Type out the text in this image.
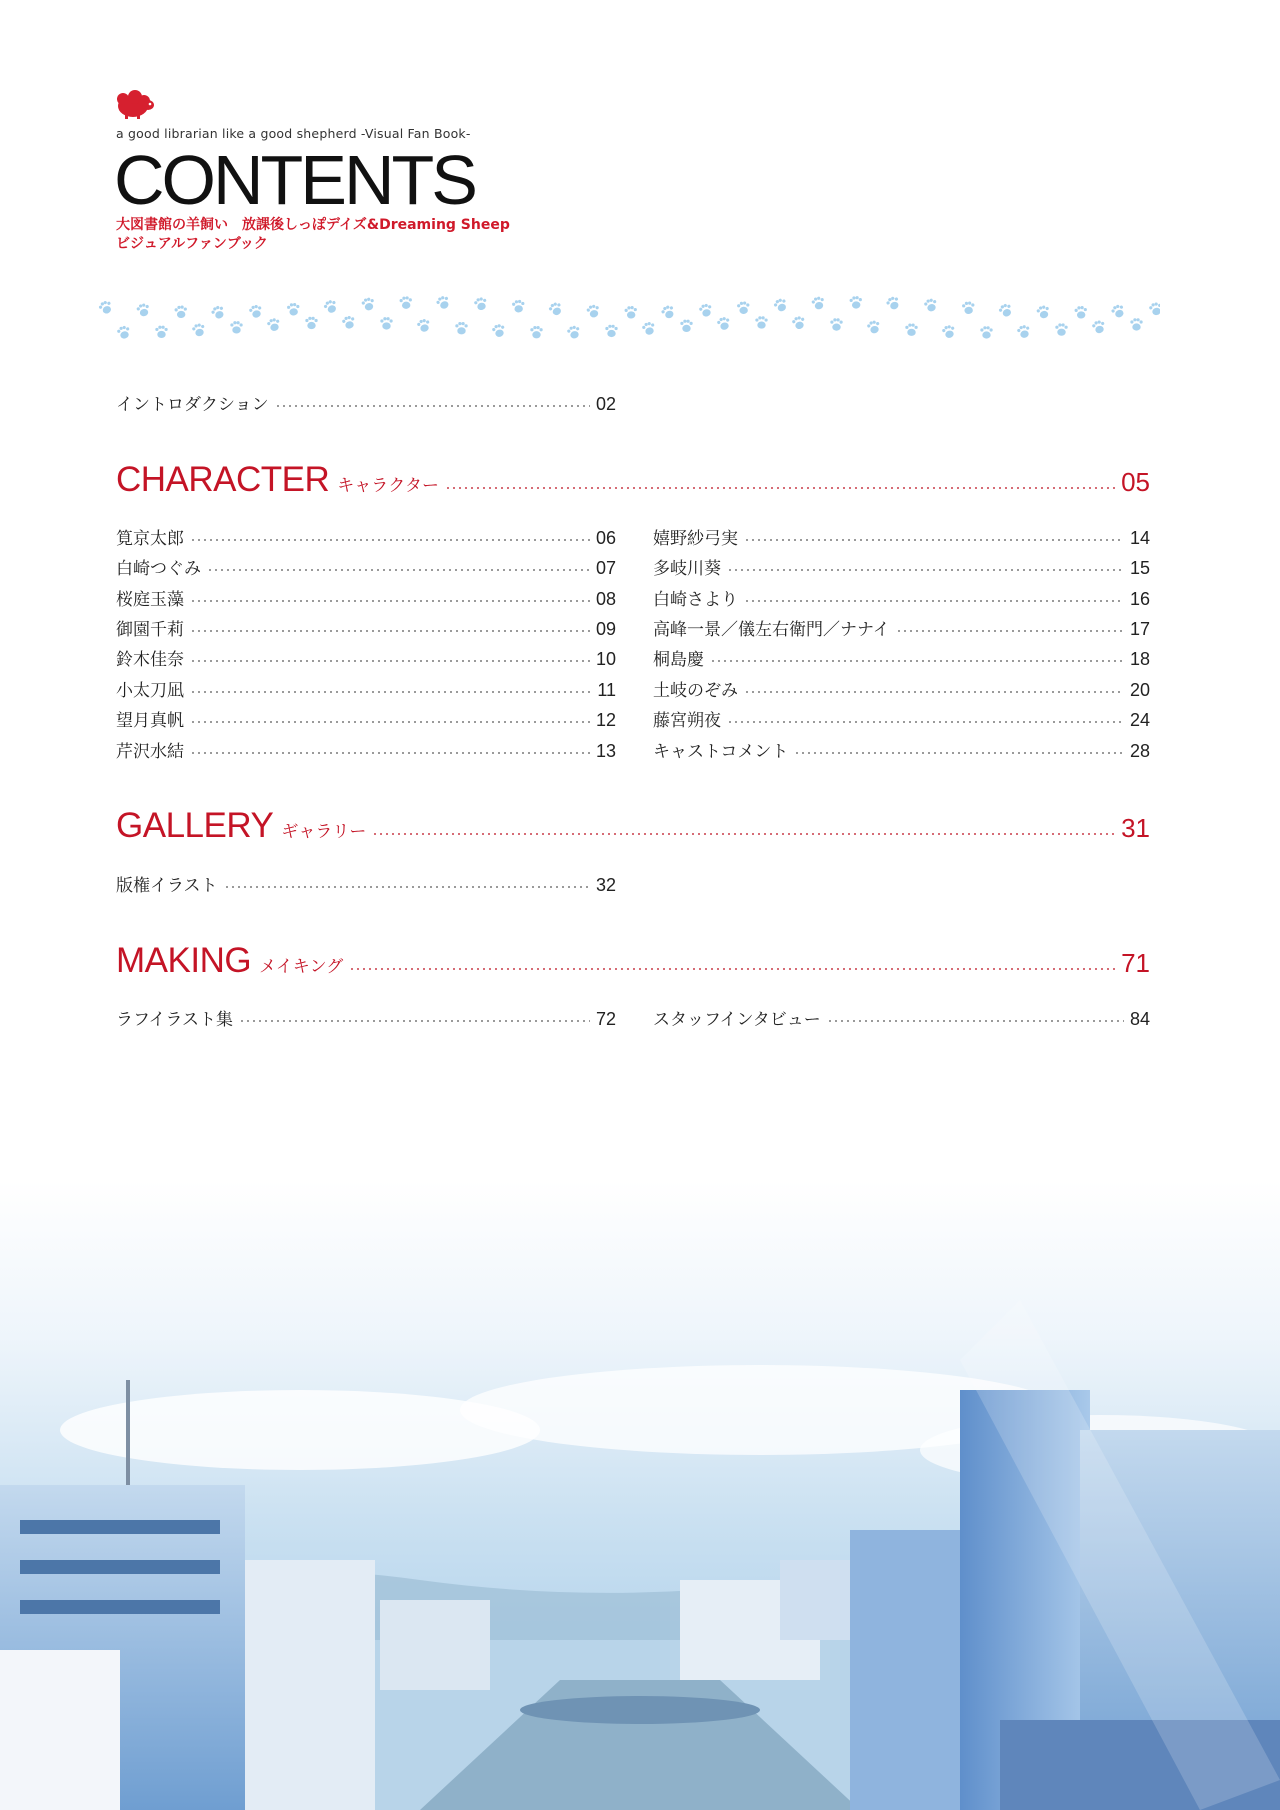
a good librarian like a good shepherd -Visual Fan Book-
CONTENTS
大図書館の羊飼い　放課後しっぽデイズ&Dreaming Sheep
ビジュアルファンブック
イントロダクション	02
CHARACTER キャラクター	05
筧京太郎	06
白崎つぐみ	07
桜庭玉藻	08
御園千莉	09
鈴木佳奈	10
小太刀凪	11
望月真帆	12
芹沢水結	13
嬉野紗弓実	14
多岐川葵	15
白崎さより	16
高峰一景／儀左右衛門／ナナイ	17
桐島慶	18
土岐のぞみ	20
藤宮朔夜	24
キャストコメント	28
GALLERY ギャラリー	31
版権イラスト	32
MAKING メイキング	71
ラフイラスト集	72 スタッフインタビュー	84
